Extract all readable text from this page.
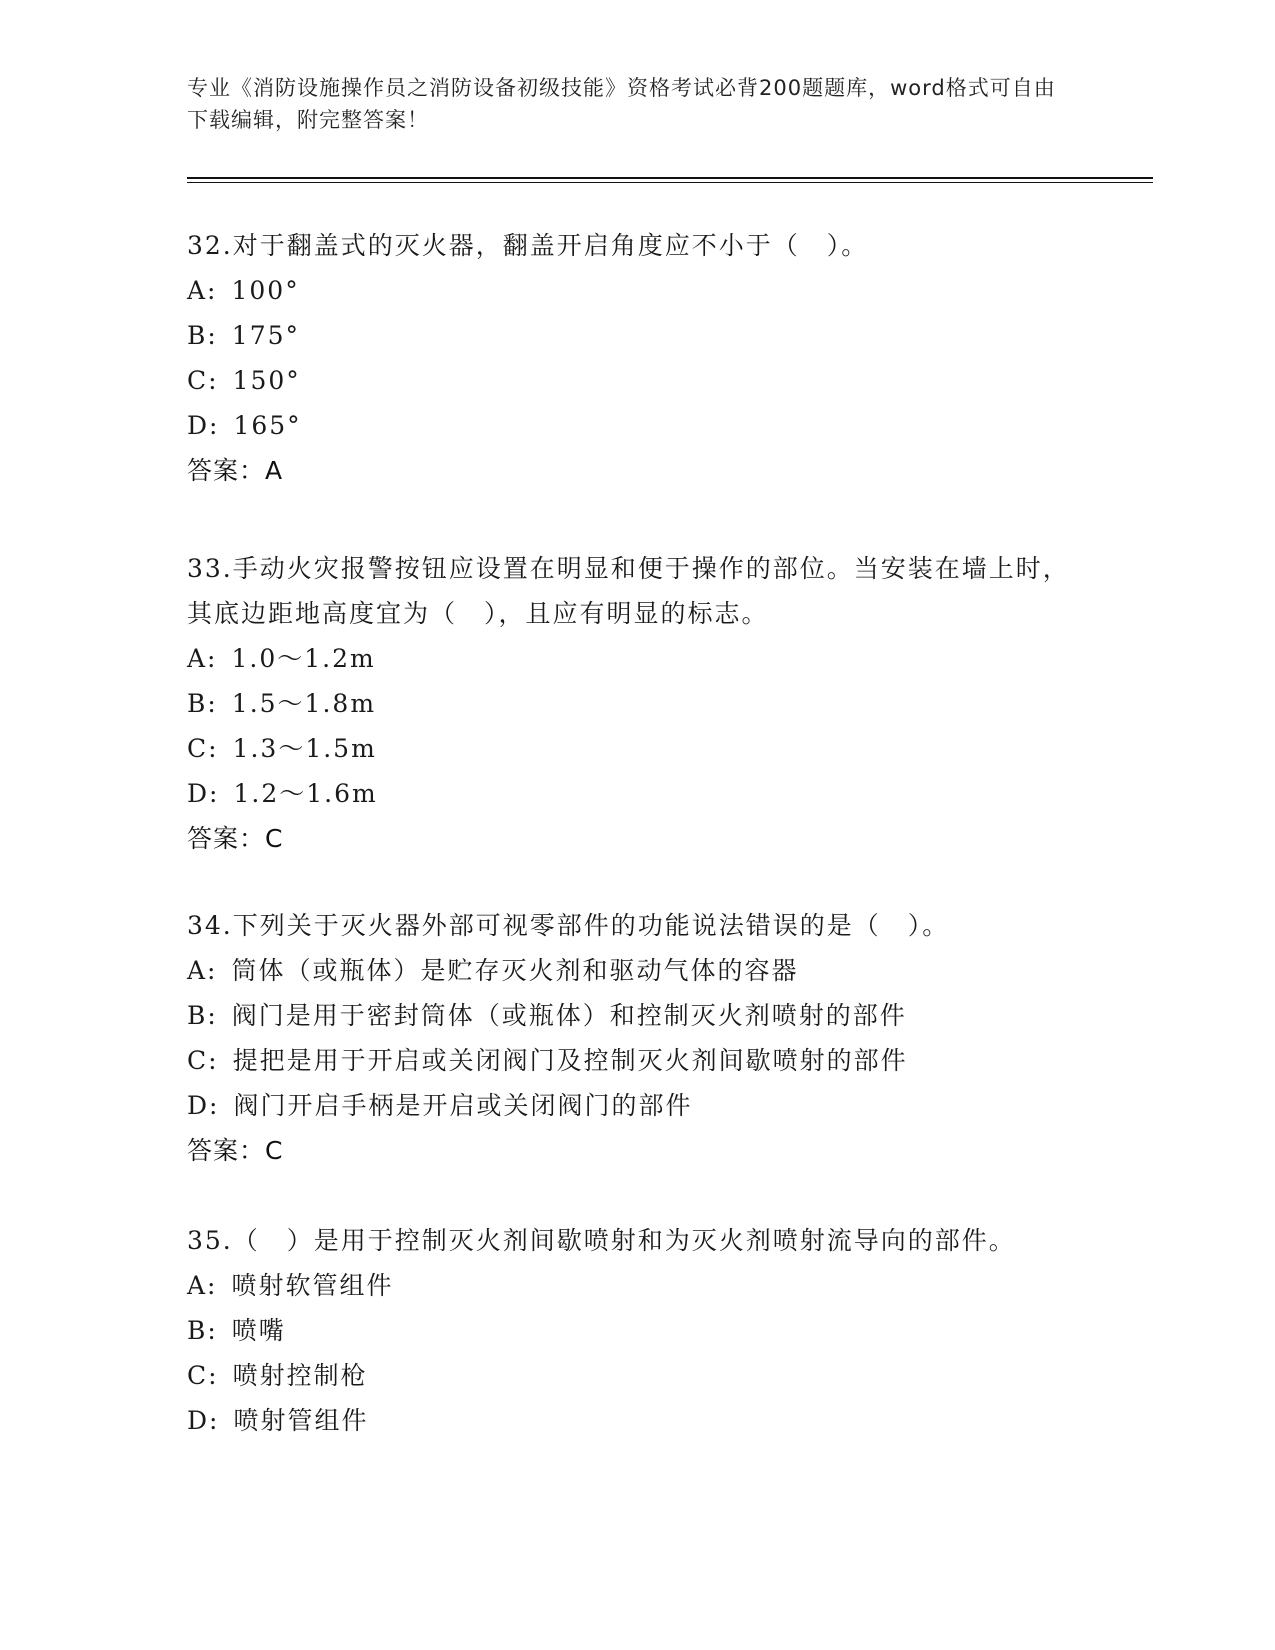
专业《消防设施操作员之消防设备初级技能》资格考试必背200题题库，word格式可自由下载编辑，附完整答案！

32.对于翻盖式的灭火器，翻盖开启角度应不小于（　）。

A: 100°

B: 175°

C: 150°

D: 165°

答案：A

33.手动火灾报警按钮应设置在明显和便于操作的部位。当安装在墙上时，其底边距地高度宜为（　），且应有明显的标志。

A: 1.0～1.2m

B: 1.5～1.8m

C: 1.3～1.5m

D: 1.2～1.6m

答案：C

34.下列关于灭火器外部可视零部件的功能说法错误的是（　）。

A: 筒体（或瓶体）是贮存灭火剂和驱动气体的容器

B: 阀门是用于密封筒体（或瓶体）和控制灭火剂喷射的部件

C: 提把是用于开启或关闭阀门及控制灭火剂间歇喷射的部件

D: 阀门开启手柄是开启或关闭阀门的部件

答案：C

35.（　）是用于控制灭火剂间歇喷射和为灭火剂喷射流导向的部件。

A: 喷射软管组件

B: 喷嘴

C: 喷射控制枪

D: 喷射管组件
